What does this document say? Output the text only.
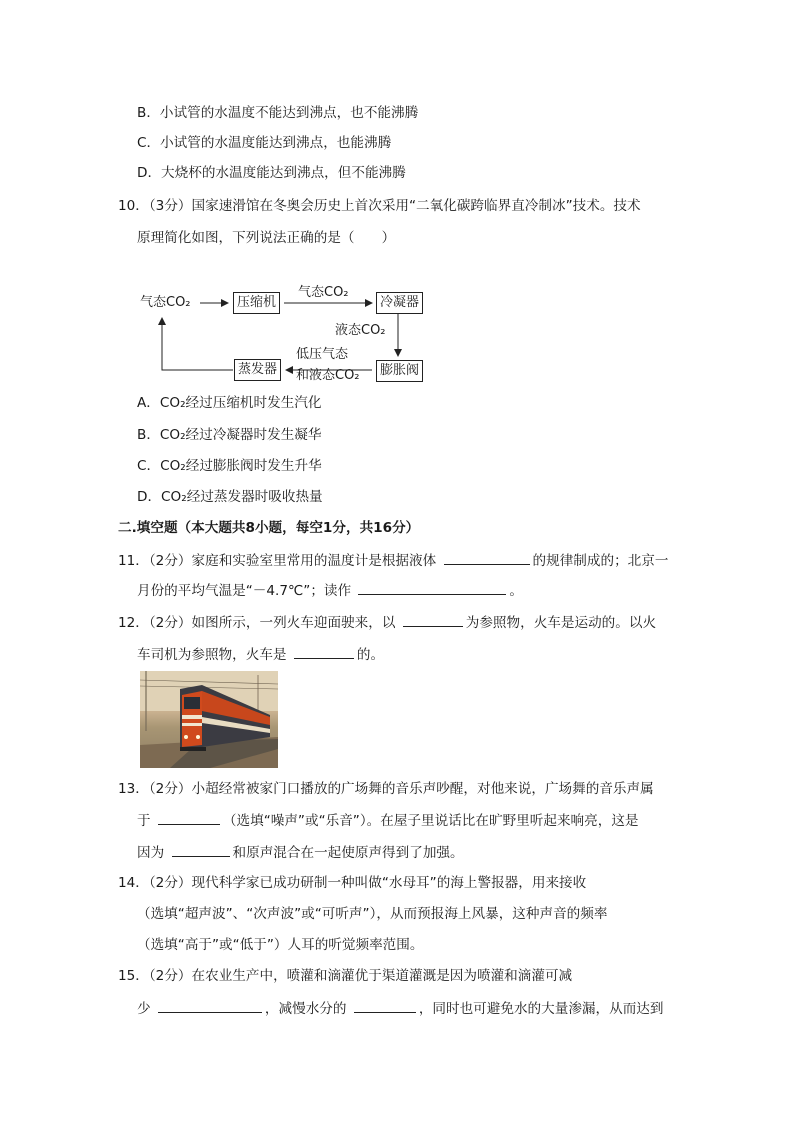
B．小试管的水温度不能达到沸点，也不能沸腾
C．小试管的水温度能达到沸点，也能沸腾
D．大烧杯的水温度能达到沸点，但不能沸腾
10．（3分）国家速滑馆在冬奥会历史上首次采用“二氧化碳跨临界直冷制冰”技术。技术
原理简化如图，下列说法正确的是（　　）
气态CO₂	压缩机
气态CO₂
冷凝器
液态CO₂
膨胀阀
低压气态
和液态CO₂
蒸发器
A．CO₂经过压缩机时发生汽化
B．CO₂经过冷凝器时发生凝华
C．CO₂经过膨胀阀时发生升华
D．CO₂经过蒸发器时吸收热量
二.填空题（本大题共8小题，每空1分，共16分）
11．（2分）家庭和实验室里常用的温度计是根据液体	的规律制成的；北京一
月份的平均气温是“－4.7℃”；读作	。
12．（2分）如图所示，一列火车迎面驶来，以	为参照物，火车是运动的。以火
车司机为参照物，火车是	的。
13．（2分）小超经常被家门口播放的广场舞的音乐声吵醒，对他来说，广场舞的音乐声属
于	（选填“噪声”或“乐音”）。在屋子里说话比在旷野里听起来响亮，这是
因为	和原声混合在一起使原声得到了加强。
14．（2分）现代科学家已成功研制一种叫做“水母耳”的海上警报器，用来接收
（选填“超声波”、“次声波”或“可听声”），从而预报海上风暴，这种声音的频率
（选填“高于”或“低于”）人耳的听觉频率范围。
15．（2分）在农业生产中，喷灌和滴灌优于渠道灌溉是因为喷灌和滴灌可减
少	，减慢水分的	，同时也可避免水的大量渗漏，从而达到
